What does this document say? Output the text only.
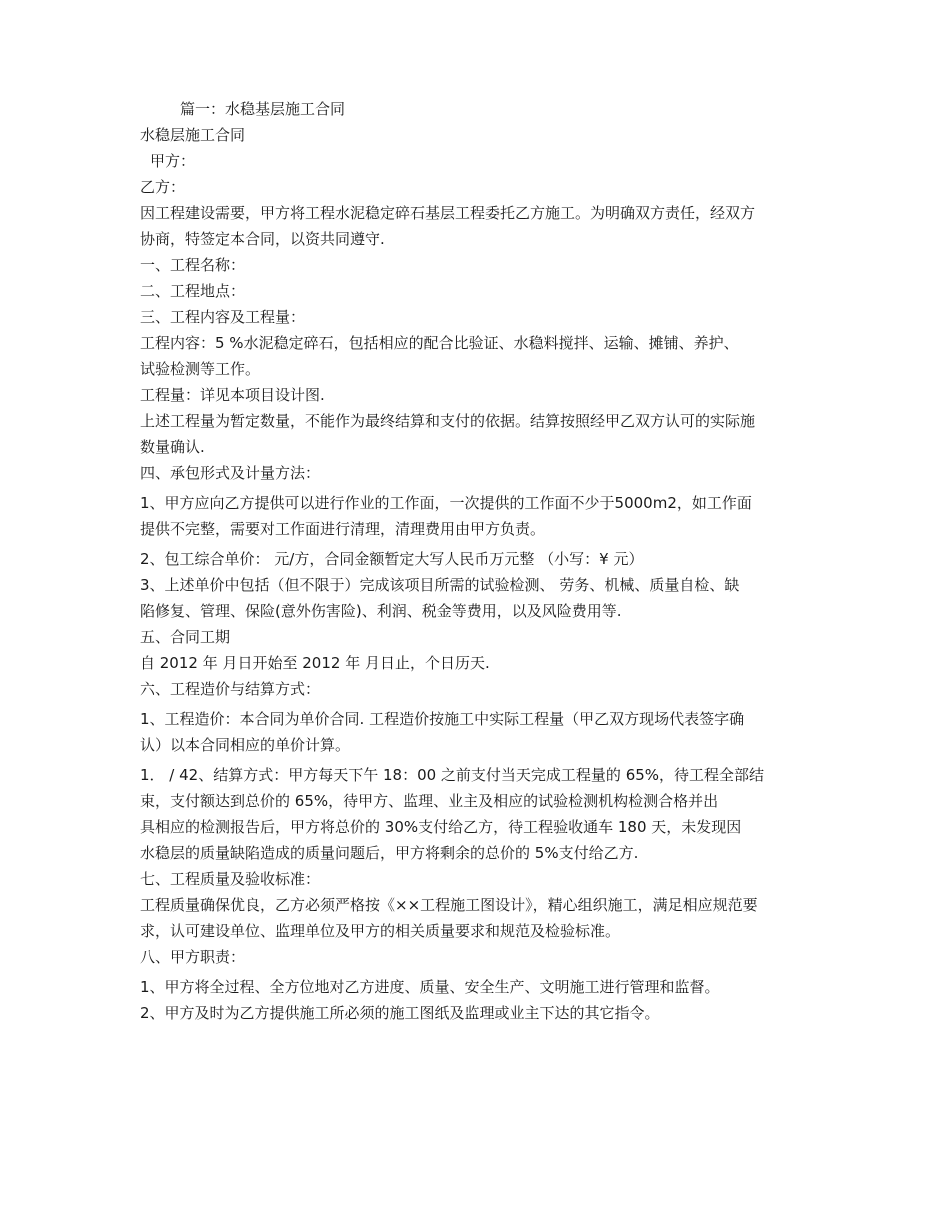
篇一：水稳基层施工合同
水稳层施工合同
甲方：
乙方：
因工程建设需要，甲方将工程水泥稳定碎石基层工程委托乙方施工。为明确双方责任，经双方
协商，特签定本合同，以资共同遵守.
一、工程名称：
二、工程地点：
三、工程内容及工程量：
工程内容：5 %水泥稳定碎石，包括相应的配合比验证、水稳料搅拌、运输、摊铺、养护、
试验检测等工作。
工程量：详见本项目设计图.
上述工程量为暂定数量，不能作为最终结算和支付的依据。结算按照经甲乙双方认可的实际施
数量确认.
四、承包形式及计量方法：
1、甲方应向乙方提供可以进行作业的工作面，一次提供的工作面不少于5000m2，如工作面
提供不完整，需要对工作面进行清理，清理费用由甲方负责。
2、包工综合单价： 元/方，合同金额暂定大写人民币万元整 （小写：¥ 元）
3、上述单价中包括（但不限于）完成该项目所需的试验检测、 劳务、机械、质量自检、缺
陷修复、管理、保险(意外伤害险)、利润、税金等费用，以及风险费用等.
五、合同工期
自 2012 年 月日开始至 2012 年 月日止，个日历天.
六、工程造价与结算方式：
1、工程造价：本合同为单价合同. 工程造价按施工中实际工程量（甲乙双方现场代表签字确
认）以本合同相应的单价计算。
1． / 42、结算方式：甲方每天下午 18：00 之前支付当天完成工程量的 65%，待工程全部结
束，支付额达到总价的 65%，待甲方、监理、业主及相应的试验检测机构检测合格并出
具相应的检测报告后，甲方将总价的 30%支付给乙方，待工程验收通车 180 天，未发现因
水稳层的质量缺陷造成的质量问题后，甲方将剩余的总价的 5%支付给乙方.
七、工程质量及验收标准：
工程质量确保优良，乙方必须严格按《××工程施工图设计》，精心组织施工，满足相应规范要
求，认可建设单位、监理单位及甲方的相关质量要求和规范及检验标准。
八、甲方职责：
1、甲方将全过程、全方位地对乙方进度、质量、安全生产、文明施工进行管理和监督。
2、甲方及时为乙方提供施工所必须的施工图纸及监理或业主下达的其它指令。
